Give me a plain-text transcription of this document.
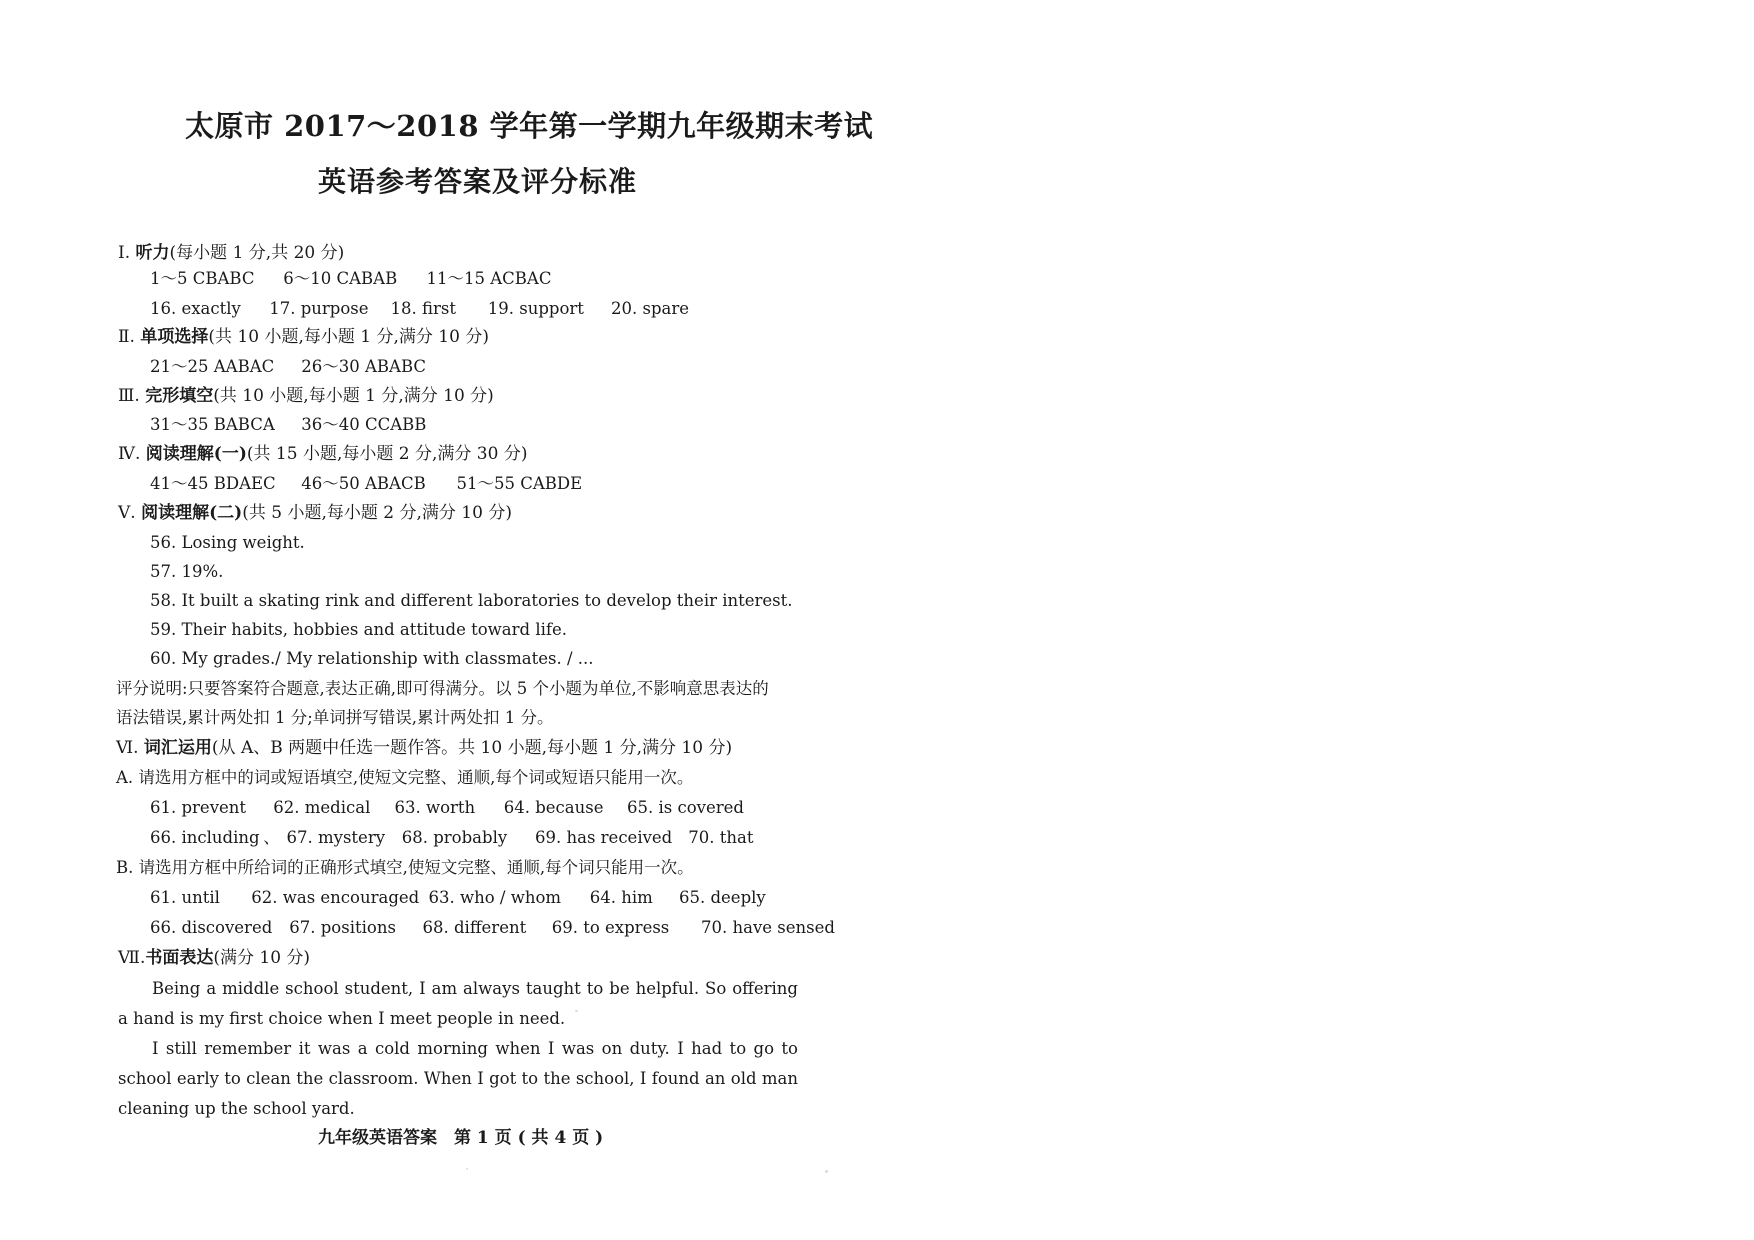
太原市 2017～2018 学年第一学期九年级期末考试
英语参考答案及评分标准
Ⅰ. 听力(每小题 1 分,共 20 分)
1～5 CBABC 6～10 CABAB 11～15 ACBAC
16. exactly 17. purpose 18. first 19. support 20. spare
Ⅱ. 单项选择(共 10 小题,每小题 1 分,满分 10 分)
21～25 AABAC 26～30 ABABC
Ⅲ. 完形填空(共 10 小题,每小题 1 分,满分 10 分)
31～35 BABCA 36～40 CCABB
Ⅳ. 阅读理解(一)(共 15 小题,每小题 2 分,满分 30 分)
41～45 BDAEC 46～50 ABACB 51～55 CABDE
Ⅴ. 阅读理解(二)(共 5 小题,每小题 2 分,满分 10 分)
56. Losing weight.
57. 19%.
58. It built a skating rink and different laboratories to develop their interest.
59. Their habits, hobbies and attitude toward life.
60. My grades./ My relationship with classmates. / ...
评分说明:只要答案符合题意,表达正确,即可得满分。以 5 个小题为单位,不影响意思表达的
语法错误,累计两处扣 1 分;单词拼写错误,累计两处扣 1 分。
Ⅵ. 词汇运用(从 A、B 两题中任选一题作答。共 10 小题,每小题 1 分,满分 10 分)
A. 请选用方框中的词或短语填空,使短文完整、通顺,每个词或短语只能用一次。
61. prevent 62. medical 63. worth 64. because 65. is covered
66. including 、 67. mystery 68. probably 69. has received 70. that
B. 请选用方框中所给词的正确形式填空,使短文完整、通顺,每个词只能用一次。
61. until 62. was encouraged 63. who / whom 64. him 65. deeply
66. discovered 67. positions 68. different 69. to express 70. have sensed
Ⅶ.书面表达(满分 10 分)
Being a middle school student, I am always taught to be helpful. So offering a hand is my first choice when I meet people in need.
I still remember it was a cold morning when I was on duty. I had to go to school early to clean the classroom. When I got to the school, I found an old man cleaning up the school yard.
九年级英语答案　第 1 页 ( 共 4 页 )
